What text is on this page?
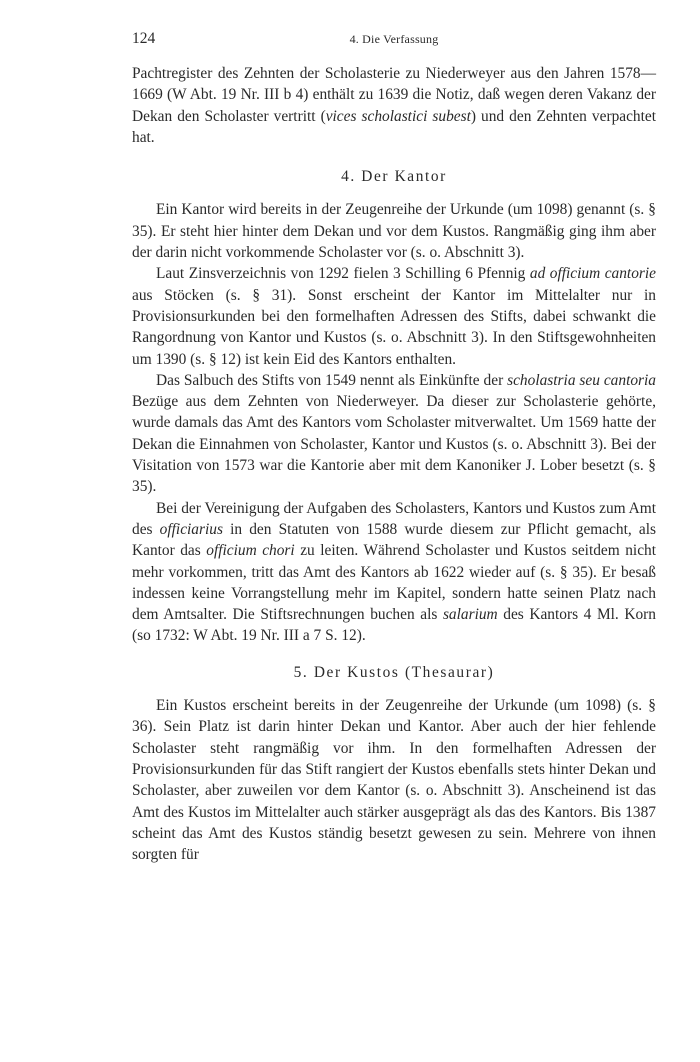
124	4. Die Verfassung

Pachtregister des Zehnten der Scholasterie zu Niederweyer aus den Jahren 1578—1669 (W Abt. 19 Nr. III b 4) enthält zu 1639 die Notiz, daß wegen deren Vakanz der Dekan den Scholaster vertritt (vices scholastici subest) und den Zehnten verpachtet hat.

4. Der Kantor

Ein Kantor wird bereits in der Zeugenreihe der Urkunde (um 1098) genannt (s. § 35). Er steht hier hinter dem Dekan und vor dem Kustos. Rangmäßig ging ihm aber der darin nicht vorkommende Scholaster vor (s. o. Abschnitt 3).

Laut Zinsverzeichnis von 1292 fielen 3 Schilling 6 Pfennig ad officium cantorie aus Stöcken (s. § 31). Sonst erscheint der Kantor im Mittelalter nur in Provisionsurkunden bei den formelhaften Adressen des Stifts, dabei schwankt die Rangordnung von Kantor und Kustos (s. o. Abschnitt 3). In den Stiftsgewohnheiten um 1390 (s. § 12) ist kein Eid des Kantors enthalten.

Das Salbuch des Stifts von 1549 nennt als Einkünfte der scholastria seu cantoria Bezüge aus dem Zehnten von Niederweyer. Da dieser zur Scholasterie gehörte, wurde damals das Amt des Kantors vom Scholaster mitverwaltet. Um 1569 hatte der Dekan die Einnahmen von Scholaster, Kantor und Kustos (s. o. Abschnitt 3). Bei der Visitation von 1573 war die Kantorie aber mit dem Kanoniker J. Lober besetzt (s. § 35).

Bei der Vereinigung der Aufgaben des Scholasters, Kantors und Kustos zum Amt des officiarius in den Statuten von 1588 wurde diesem zur Pflicht gemacht, als Kantor das officium chori zu leiten. Während Scholaster und Kustos seitdem nicht mehr vorkommen, tritt das Amt des Kantors ab 1622 wieder auf (s. § 35). Er besaß indessen keine Vorrangstellung mehr im Kapitel, sondern hatte seinen Platz nach dem Amtsalter. Die Stiftsrechnungen buchen als salarium des Kantors 4 Ml. Korn (so 1732: W Abt. 19 Nr. III a 7 S. 12).

5. Der Kustos (Thesaurar)

Ein Kustos erscheint bereits in der Zeugenreihe der Urkunde (um 1098) (s. § 36). Sein Platz ist darin hinter Dekan und Kantor. Aber auch der hier fehlende Scholaster steht rangmäßig vor ihm. In den formelhaften Adressen der Provisionsurkunden für das Stift rangiert der Kustos ebenfalls stets hinter Dekan und Scholaster, aber zuweilen vor dem Kantor (s. o. Abschnitt 3). Anscheinend ist das Amt des Kustos im Mittelalter auch stärker ausgeprägt als das des Kantors. Bis 1387 scheint das Amt des Kustos ständig besetzt gewesen zu sein. Mehrere von ihnen sorgten für
